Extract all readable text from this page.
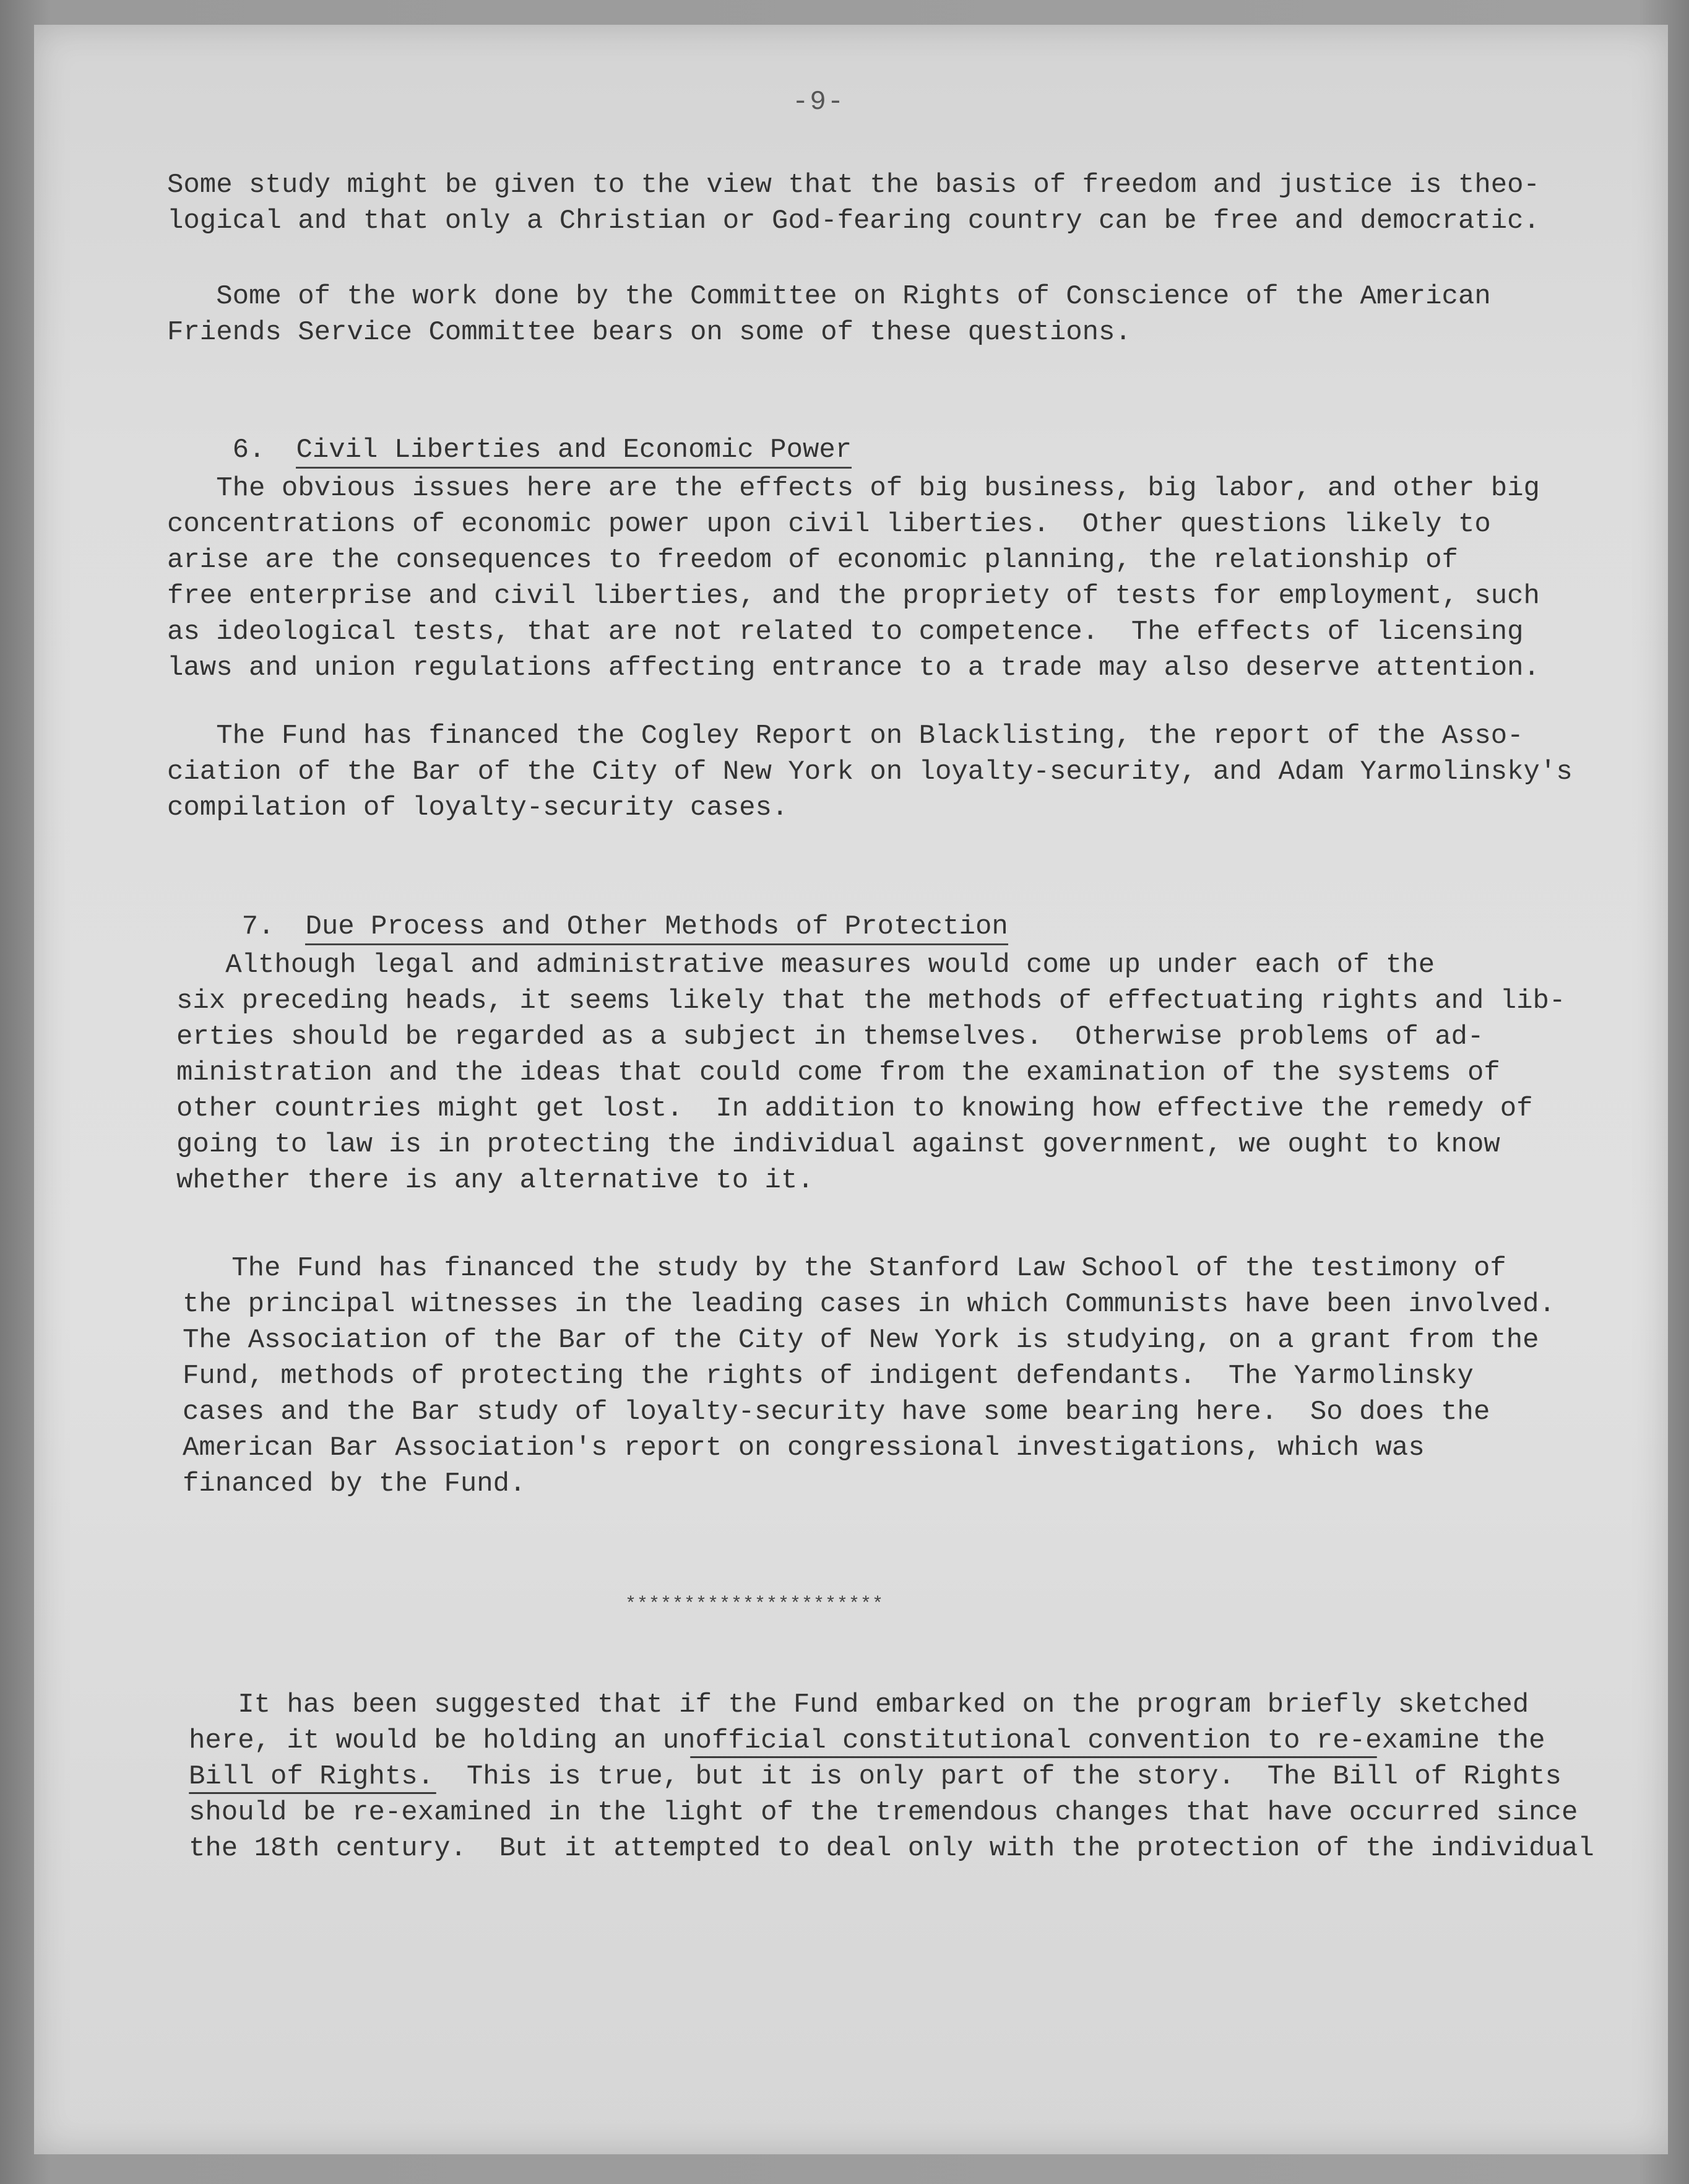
-9-

Some study might be given to the view that the basis of freedom and justice is theo-

logical and that only a Christian or God-fearing country can be free and democratic.

Some of the work done by the Committee on Rights of Conscience of the American

Friends Service Committee bears on some of these questions.

6. Civil Liberties and Economic Power

The obvious issues here are the effects of big business, big labor, and other big

concentrations of economic power upon civil liberties.  Other questions likely to

arise are the consequences to freedom of economic planning, the relationship of

free enterprise and civil liberties, and the propriety of tests for employment, such

as ideological tests, that are not related to competence.  The effects of licensing

laws and union regulations affecting entrance to a trade may also deserve attention.

The Fund has financed the Cogley Report on Blacklisting, the report of the Asso-

ciation of the Bar of the City of New York on loyalty-security, and Adam Yarmolinsky's

compilation of loyalty-security cases.

7. Due Process and Other Methods of Protection

Although legal and administrative measures would come up under each of the

six preceding heads, it seems likely that the methods of effectuating rights and lib-

erties should be regarded as a subject in themselves.  Otherwise problems of ad-

ministration and the ideas that could come from the examination of the systems of

other countries might get lost.  In addition to knowing how effective the remedy of

going to law is in protecting the individual against government, we ought to know

whether there is any alternative to it.

The Fund has financed the study by the Stanford Law School of the testimony of

the principal witnesses in the leading cases in which Communists have been involved.

The Association of the Bar of the City of New York is studying, on a grant from the

Fund, methods of protecting the rights of indigent defendants.  The Yarmolinsky

cases and the Bar study of loyalty-security have some bearing here.  So does the

American Bar Association's report on congressional investigations, which was

financed by the Fund.

**********************

It has been suggested that if the Fund embarked on the program briefly sketched

here, it would be holding an unofficial constitutional convention to re-examine the

Bill of Rights.  This is true, but it is only part of the story.  The Bill of Rights

should be re-examined in the light of the tremendous changes that have occurred since

the 18th century.  But it attempted to deal only with the protection of the individual
